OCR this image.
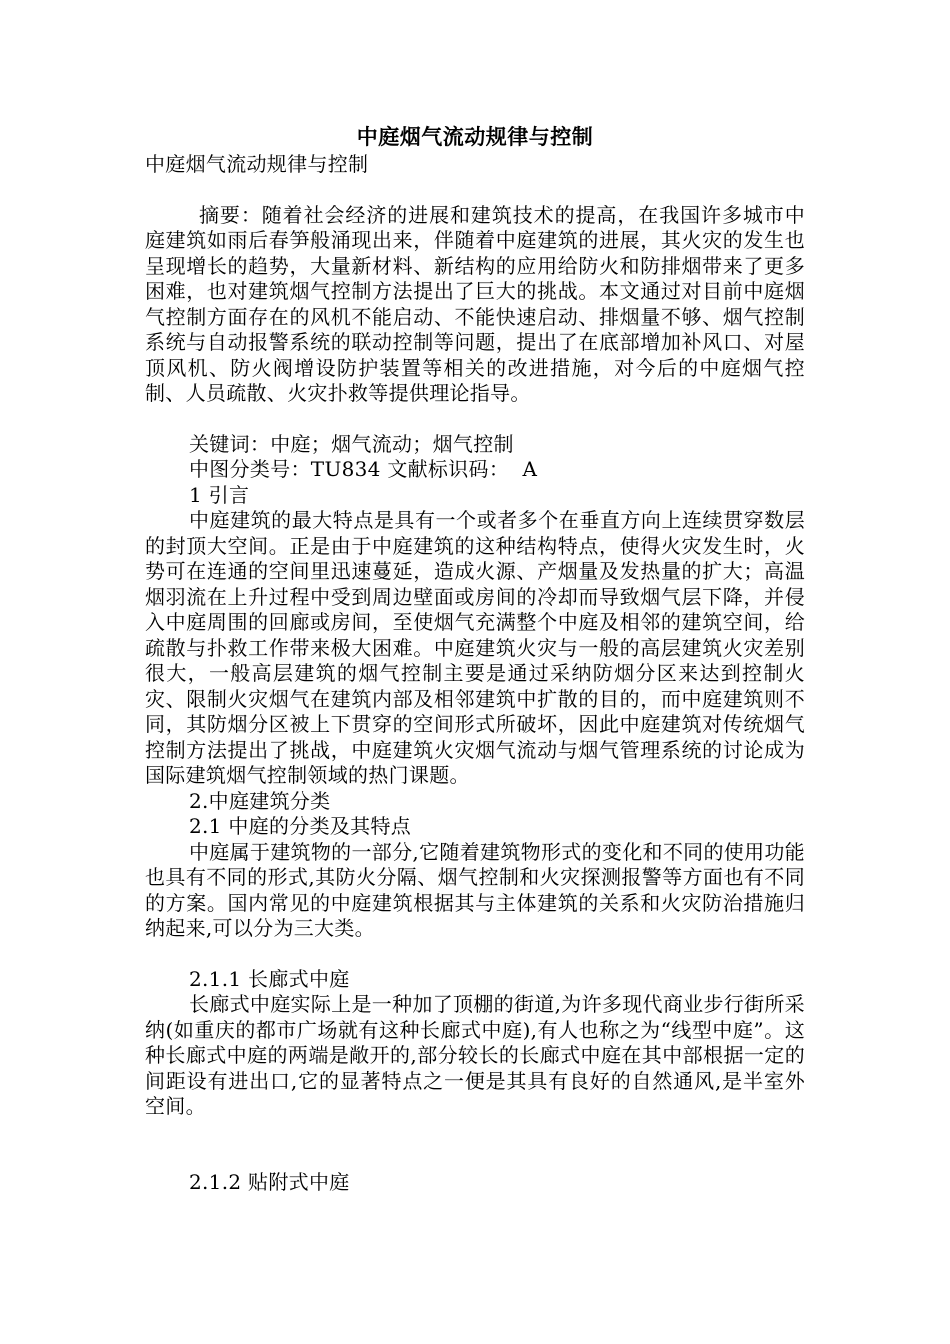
中庭烟气流动规律与控制

中庭烟气流动规律与控制

摘要：随着社会经济的进展和建筑技术的提高，在我国许多城市中庭建筑如雨后春笋般涌现出来，伴随着中庭建筑的进展，其火灾的发生也呈现增长的趋势，大量新材料、新结构的应用给防火和防排烟带来了更多困难，也对建筑烟气控制方法提出了巨大的挑战。本文通过对目前中庭烟气控制方面存在的风机不能启动、不能快速启动、排烟量不够、烟气控制系统与自动报警系统的联动控制等问题，提出了在底部增加补风口、对屋顶风机、防火阀增设防护装置等相关的改进措施，对今后的中庭烟气控制、人员疏散、火灾扑救等提供理论指导。

关键词：中庭；烟气流动；烟气控制

中图分类号：TU834 文献标识码：  A

1 引言

中庭建筑的最大特点是具有一个或者多个在垂直方向上连续贯穿数层的封顶大空间。正是由于中庭建筑的这种结构特点，使得火灾发生时，火势可在连通的空间里迅速蔓延，造成火源、产烟量及发热量的扩大；高温烟羽流在上升过程中受到周边壁面或房间的冷却而导致烟气层下降，并侵入中庭周围的回廊或房间，至使烟气充满整个中庭及相邻的建筑空间，给疏散与扑救工作带来极大困难。中庭建筑火灾与一般的高层建筑火灾差别很大，一般高层建筑的烟气控制主要是通过采纳防烟分区来达到控制火灾、限制火灾烟气在建筑内部及相邻建筑中扩散的目的，而中庭建筑则不同，其防烟分区被上下贯穿的空间形式所破坏，因此中庭建筑对传统烟气控制方法提出了挑战，中庭建筑火灾烟气流动与烟气管理系统的讨论成为国际建筑烟气控制领域的热门课题。

2.中庭建筑分类

2.1 中庭的分类及其特点

中庭属于建筑物的一部分,它随着建筑物形式的变化和不同的使用功能也具有不同的形式,其防火分隔、烟气控制和火灾探测报警等方面也有不同的方案。国内常见的中庭建筑根据其与主体建筑的关系和火灾防治措施归纳起来,可以分为三大类。

2.1.1 长廊式中庭

长廊式中庭实际上是一种加了顶棚的街道,为许多现代商业步行街所采纳(如重庆的都市广场就有这种长廊式中庭),有人也称之为“线型中庭”。这种长廊式中庭的两端是敞开的,部分较长的长廊式中庭在其中部根据一定的间距设有进出口,它的显著特点之一便是其具有良好的自然通风,是半室外空间。

2.1.2 贴附式中庭
